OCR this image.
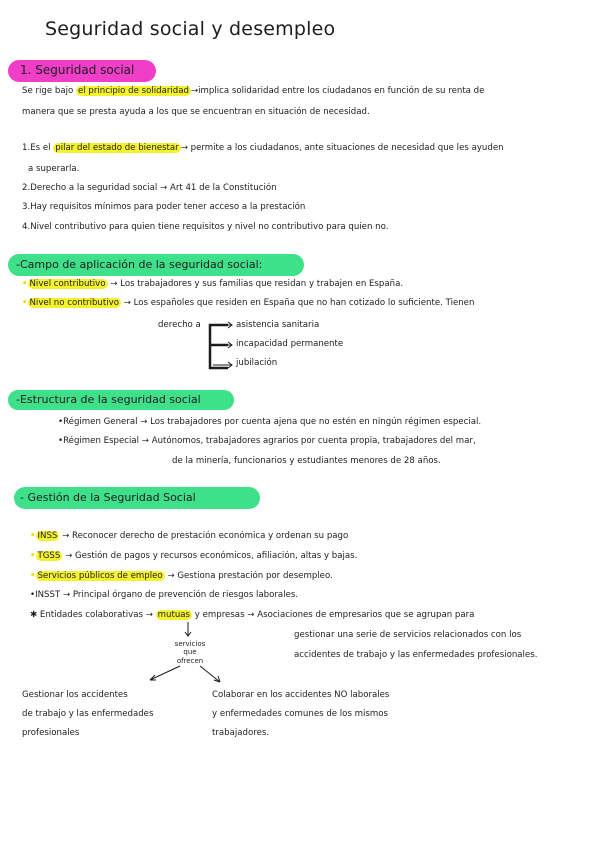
Seguridad social y desempleo
1. Seguridad social
Se rige bajo el principio de solidaridad →implica solidaridad entre los ciudadanos en función de su renta de
manera que se presta ayuda a los que se encuentran en situación de necesidad.
1.Es el pilar del estado de bienestar → permite a los ciudadanos, ante situaciones de necesidad que les ayuden
a superarla.
2.Derecho a la seguridad social → Art 41 de la Constitución
3.Hay requisitos mínimos para poder tener acceso a la prestación
4.Nivel contributivo para quien tiene requisitos y nivel no contributivo para quien no.
-Campo de aplicación de la seguridad social:
• Nivel contributivo → Los trabajadores y sus familias que residan y trabajen en España.
• Nivel no contributivo → Los españoles que residen en España que no han cotizado lo suficiente. Tienen
derecho a	asistencia sanitaria
incapacidad permanente
jubilación
-Estructura de la seguridad social
•Régimen General → Los trabajadores por cuenta ajena que no estén en ningún régimen especial.
•Régimen Especial → Autónomos, trabajadores agrarios por cuenta propia, trabajadores del mar,
de la minería, funcionarios y estudiantes menores de 28 años.
- Gestión de la Seguridad Social
• INSS → Reconocer derecho de prestación económica y ordenan su pago
• TGSS → Gestión de pagos y recursos económicos, afiliación, altas y bajas.
• Servicios públicos de empleo → Gestiona prestación por desempleo.
•INSST → Principal órgano de prevención de riesgos laborales.
✱ Entidades colaborativas → mutuas y empresas → Asociaciones de empresarios que se agrupan para
gestionar una serie de servicios relacionados con los
accidentes de trabajo y las enfermedades profesionales.
servicios
que
ofrecen
Gestionar los accidentes
de trabajo y las enfermedades
profesionales
Colaborar en los accidentes NO laborales
y enfermedades comunes de los mismos
trabajadores.
